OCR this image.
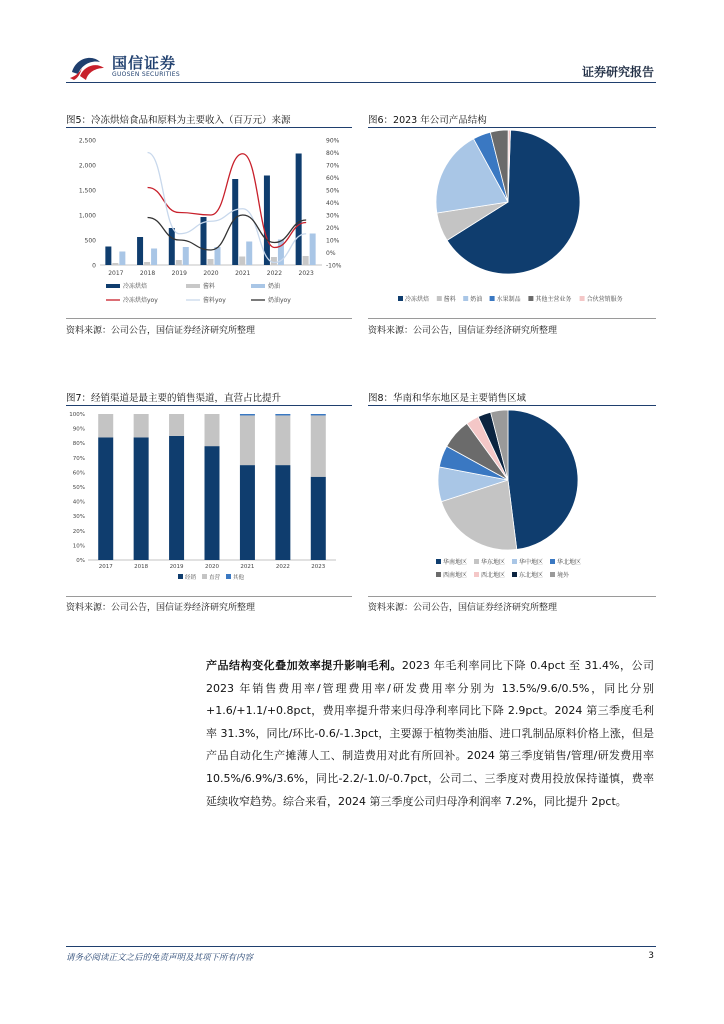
国信证券
GUOSEN SECURITIES	证券研究报告
图5：冷冻烘焙食品和原料为主要收入（百万元）来源
0
500
1,000
1,500
2,000
2,500
-10%
0%
10%
20%
30%
40%
50%
60%
70%
80%
90%
2017	2018	2019	2020	2021	2022	2023
冷冻烘焙	酱料	奶油
冷冻烘焙yoy	酱料yoy	奶油yoy
资料来源：公司公告，国信证券经济研究所整理
图6：2023 年公司产品结构
冷冻烘焙 酱料 奶油 水果制品 其他主营业务	合伙营销服务
资料来源：公司公告，国信证券经济研究所整理
图7：经销渠道是最主要的销售渠道，直营占比提升
0%
10%
20%
30%
40%
50%
60%
70%
80%
90%
100%
2017	2018	2019	2020	2021	2022	2023
经销 直营 其他
资料来源：公司公告，国信证券经济研究所整理
图8：华南和华东地区是主要销售区域
华南地区 华东地区 华中地区 华北地区
西南地区 西北地区 东北地区 境外
资料来源：公司公告，国信证券经济研究所整理
产品结构变化叠加效率提升影响毛利。2023 年毛利率同比下降 0.4pct 至 31.4%，公司 2023 年销售费用率/管理费用率/研发费用率分别为 13.5%/9.6/0.5%，同比分别+1.6/+1.1/+0.8pct，费用率提升带来归母净利率同比下降 2.9pct。2024 第三季度毛利率 31.3%，同比/环比-0.6/-1.3pct，主要源于植物类油脂、进口乳制品原料价格上涨，但是产品自动化生产摊薄人工、制造费用对此有所回补。2024 第三季度销售/管理/研发费用率 10.5%/6.9%/3.6%，同比-2.2/-1.0/-0.7pct，公司二、三季度对费用投放保持谨慎，费率延续收窄趋势。综合来看，2024 第三季度公司归母净利润率 7.2%，同比提升 2pct。
请务必阅读正文之后的免责声明及其项下所有内容	3
